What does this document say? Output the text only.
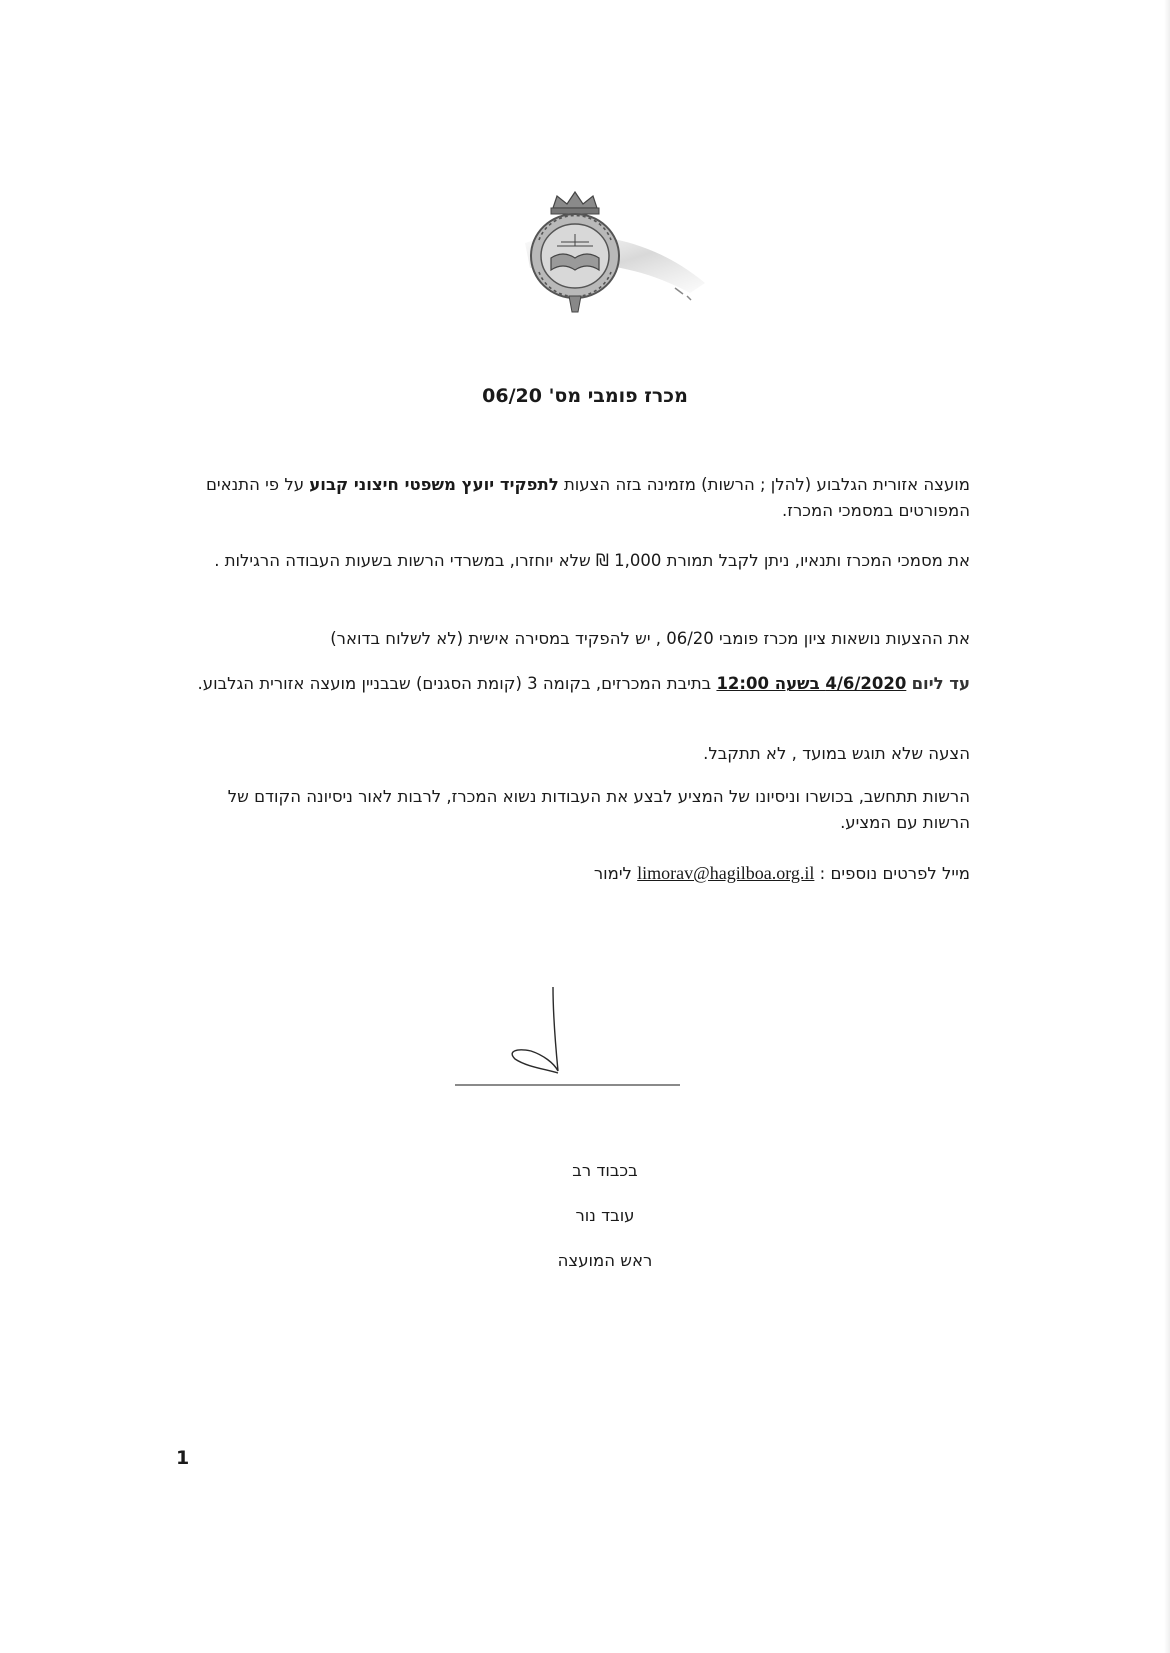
מכרז פומבי מס' 06/20
מועצה אזורית הגלבוע (להלן ; הרשות) מזמינה בזה הצעות לתפקיד יועץ משפטי חיצוני קבוע על פי התנאים המפורטים במסמכי המכרז.
את מסמכי המכרז ותנאיו, ניתן לקבל תמורת 1,000 ₪ שלא יוחזרו, במשרדי הרשות בשעות העבודה הרגילות .
את ההצעות נושאות ציון מכרז פומבי 06/20 , יש להפקיד במסירה אישית (לא לשלוח בדואר)
עד ליום 4/6/2020 בשעה 12:00 בתיבת המכרזים, בקומה 3 (קומת הסגנים) שבבניין מועצה אזורית הגלבוע.
הצעה שלא תוגש במועד , לא תתקבל.
הרשות תתחשב, בכושרו וניסיונו של המציע לבצע את העבודות נשוא המכרז, לרבות לאור ניסיונה הקודם של הרשות עם המציע.
מייל לפרטים נוספים : limorav@hagilboa.org.il לימור
בכבוד רב
עובד נור
ראש המועצה
1
